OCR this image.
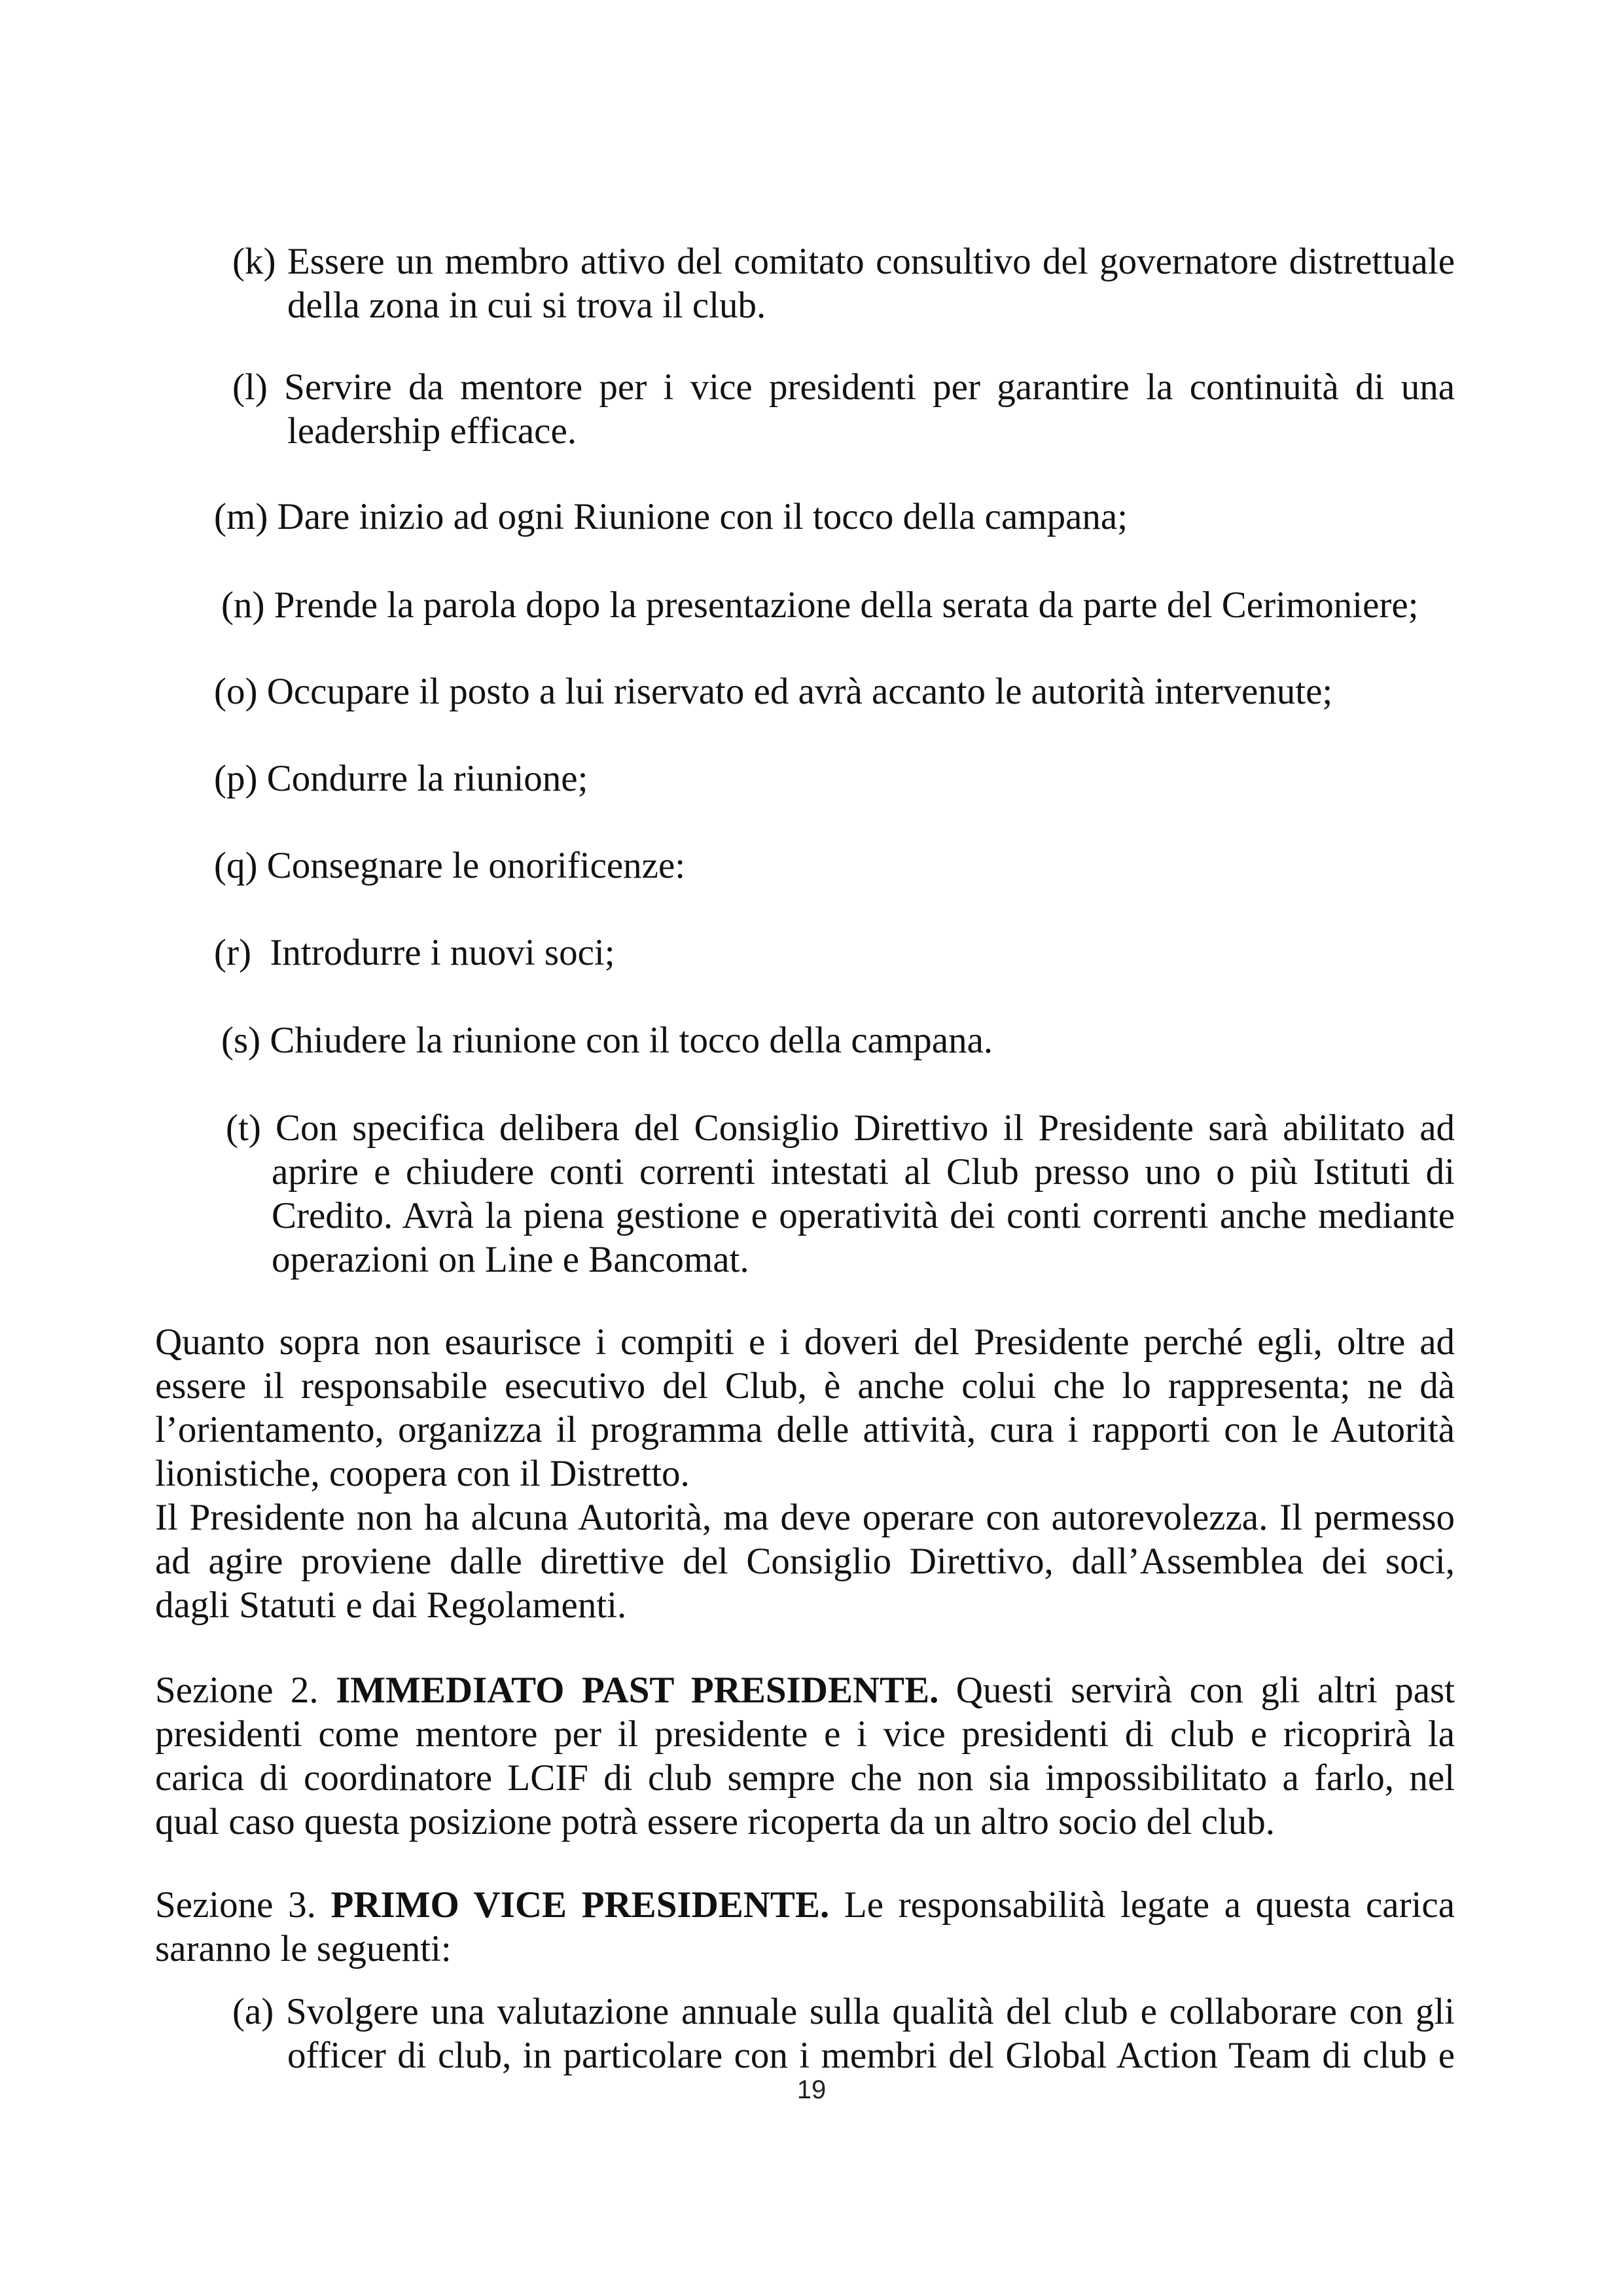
(k) Essere un membro attivo del comitato consultivo del governatore distrettuale
della zona in cui si trova il club.
(l) Servire da mentore per i vice presidenti per garantire la continuità di una
leadership efficace.
(m) Dare inizio ad ogni Riunione con il tocco della campana;
(n) Prende la parola dopo la presentazione della serata da parte del Cerimoniere;
(o) Occupare il posto a lui riservato ed avrà accanto le autorità intervenute;
(p) Condurre la riunione;
(q) Consegnare le onorificenze:
(r)  Introdurre i nuovi soci;
(s) Chiudere la riunione con il tocco della campana.
(t) Con specifica delibera del Consiglio Direttivo il Presidente sarà abilitato ad
aprire e chiudere conti correnti intestati al Club presso uno o più Istituti di
Credito. Avrà la piena gestione e operatività dei conti correnti anche mediante
operazioni on Line e Bancomat.
Quanto sopra non esaurisce i compiti e i doveri del Presidente perché egli, oltre ad
essere il responsabile esecutivo del Club, è anche colui che lo rappresenta; ne dà
l’orientamento, organizza il programma delle attività, cura i rapporti con le Autorità
lionistiche, coopera con il Distretto.
Il Presidente non ha alcuna Autorità, ma deve operare con autorevolezza. Il permesso
ad agire proviene dalle direttive del Consiglio Direttivo, dall’Assemblea dei soci,
dagli Statuti e dai Regolamenti.
Sezione 2. IMMEDIATO PAST PRESIDENTE. Questi servirà con gli altri past
presidenti come mentore per il presidente e i vice presidenti di club e ricoprirà la
carica di coordinatore LCIF di club sempre che non sia impossibilitato a farlo, nel
qual caso questa posizione potrà essere ricoperta da un altro socio del club.
Sezione 3. PRIMO VICE PRESIDENTE. Le responsabilità legate a questa carica
saranno le seguenti:
(a) Svolgere una valutazione annuale sulla qualità del club e collaborare con gli
officer di club, in particolare con i membri del Global Action Team di club e
19
